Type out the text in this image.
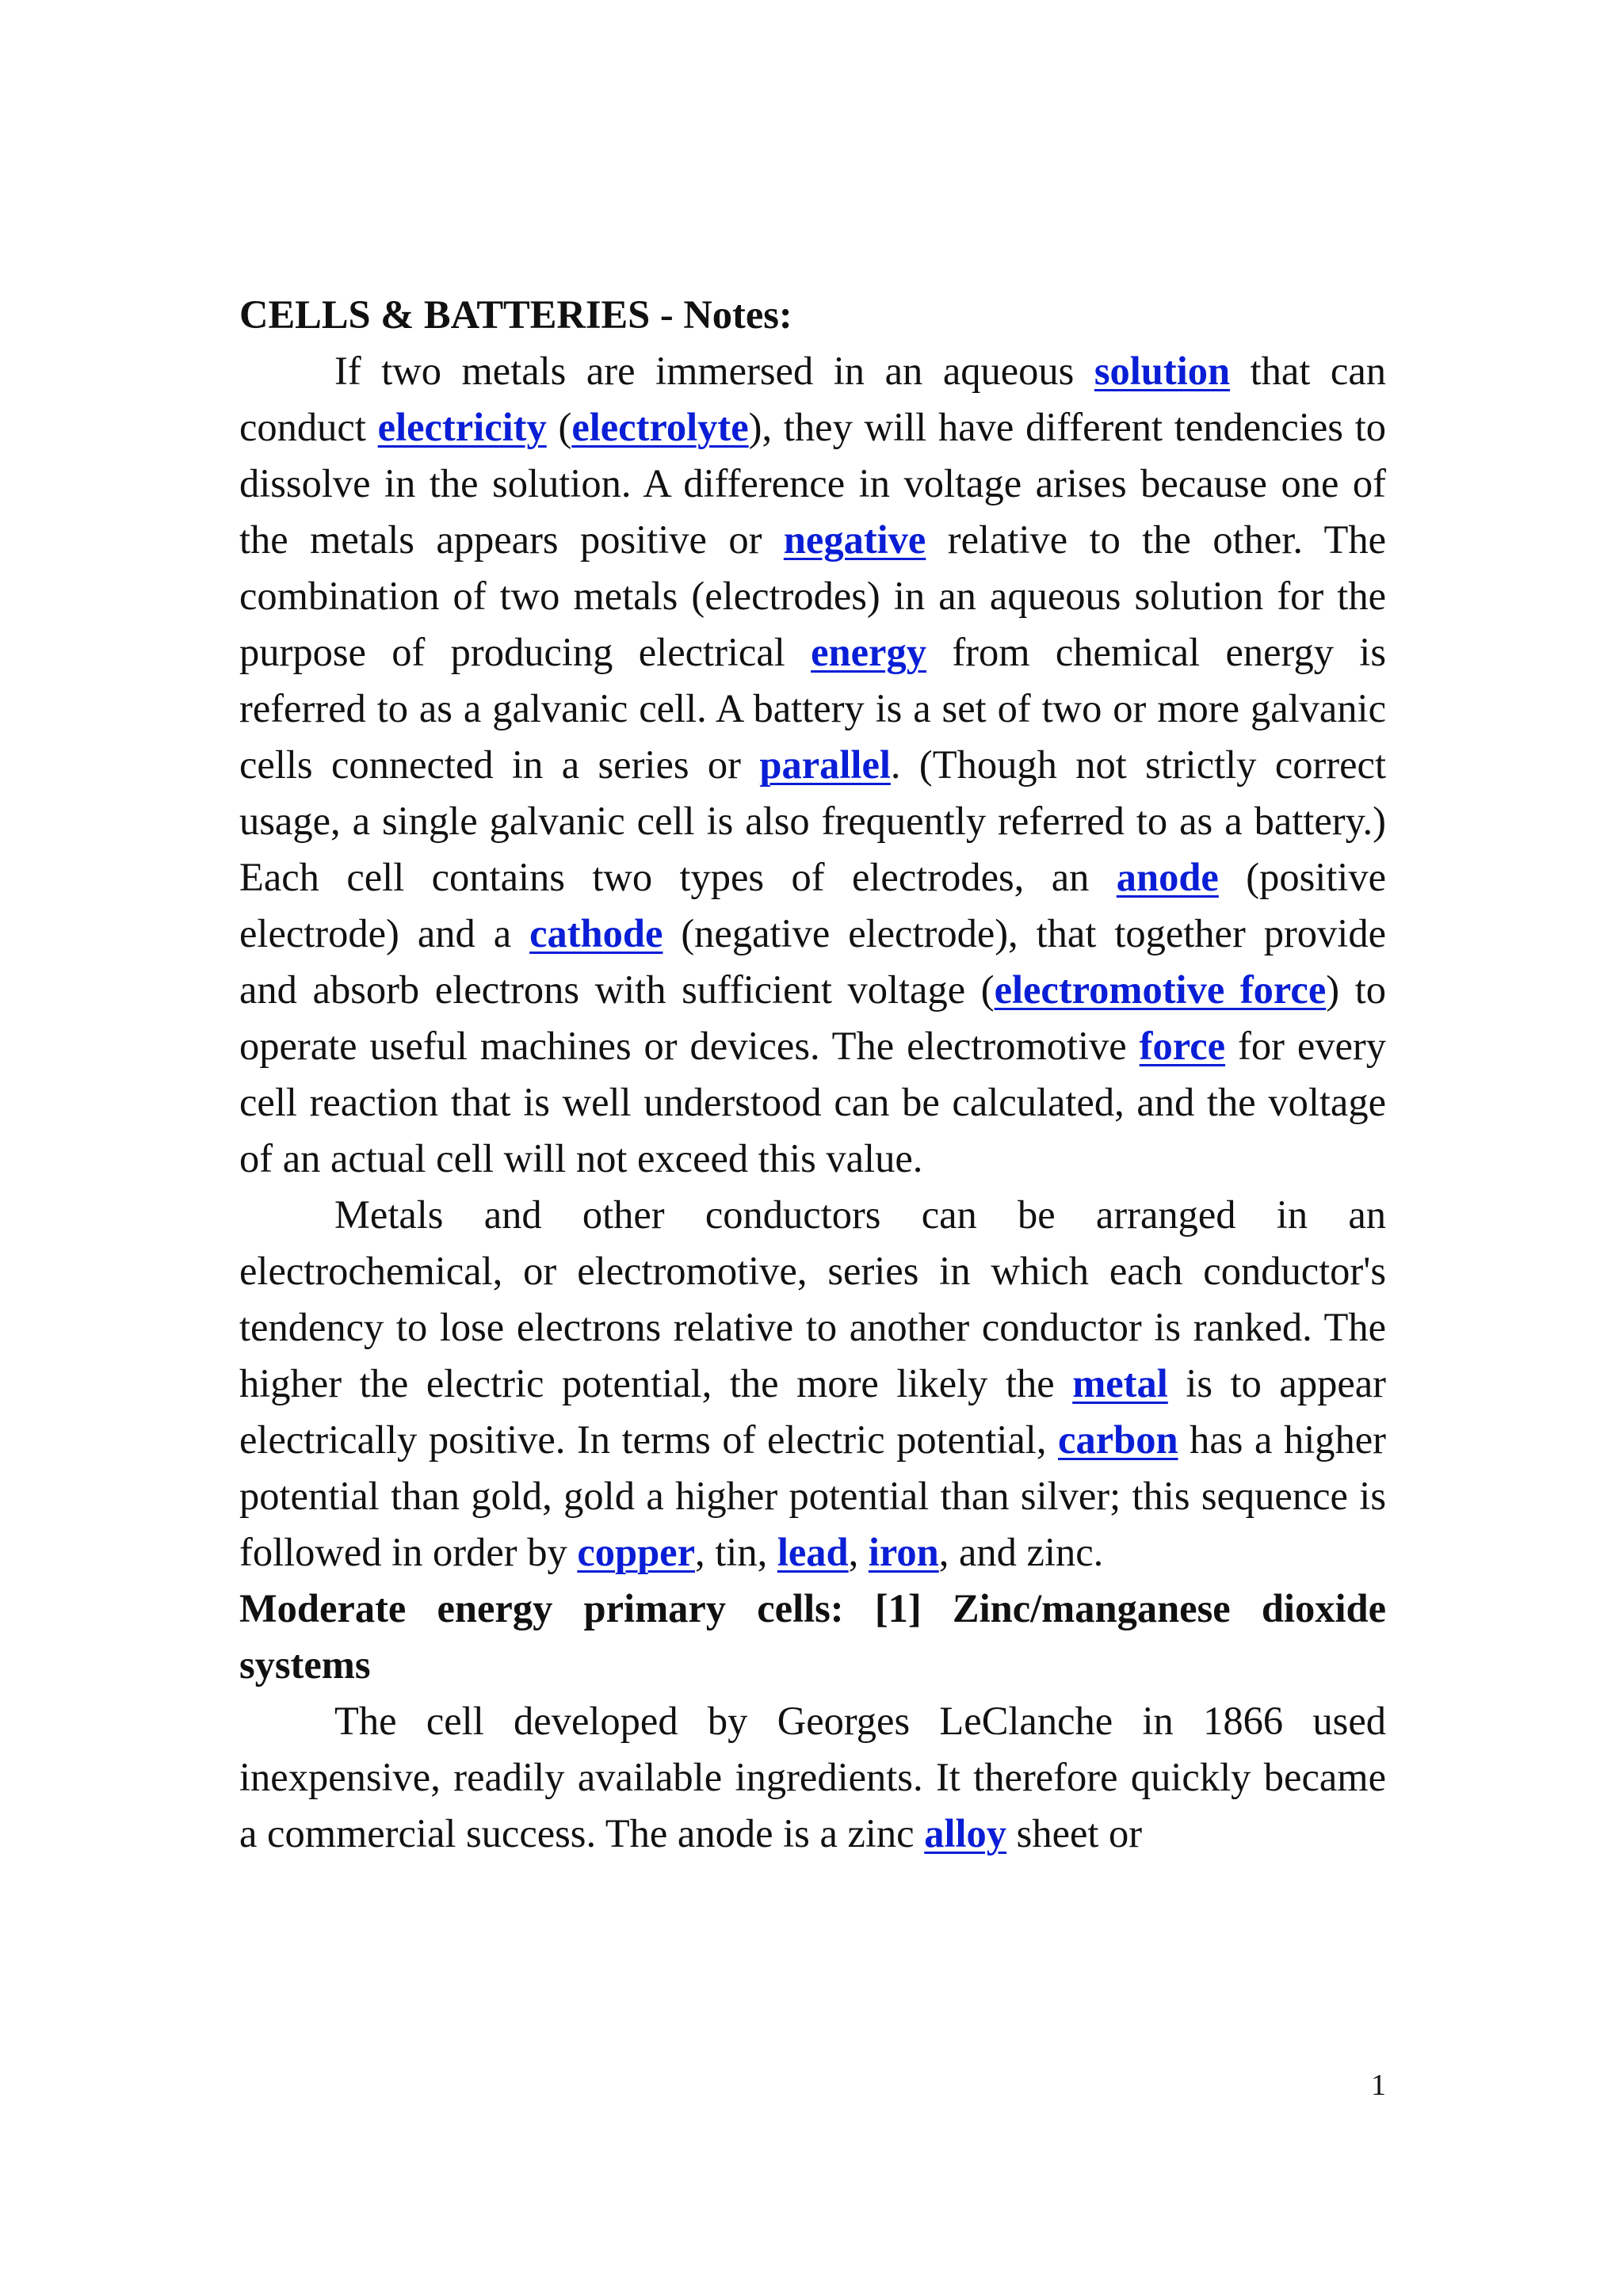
CELLS & BATTERIES - Notes:

If two metals are immersed in an aqueous solution that can conduct electricity (electrolyte), they will have different tendencies to dissolve in the solution. A difference in voltage arises because one of the metals appears positive or negative relative to the other. The combination of two metals (electrodes) in an aqueous solution for the purpose of producing electrical energy from chemical energy is referred to as a galvanic cell. A battery is a set of two or more galvanic cells connected in a series or parallel. (Though not strictly correct usage, a single galvanic cell is also frequently referred to as a battery.) Each cell contains two types of electrodes, an anode (positive electrode) and a cathode (negative electrode), that together provide and absorb electrons with sufficient voltage (electromotive force) to operate useful machines or devices. The electromotive force for every cell reaction that is well understood can be calculated, and the voltage of an actual cell will not exceed this value.

Metals and other conductors can be arranged in an electrochemical, or electromotive, series in which each conductor's tendency to lose electrons relative to another conductor is ranked. The higher the electric potential, the more likely the metal is to appear electrically positive. In terms of electric potential, carbon has a higher potential than gold, gold a higher potential than silver; this sequence is followed in order by copper, tin, lead, iron, and zinc.

Moderate energy primary cells: [1] Zinc/manganese dioxide systems

The cell developed by Georges LeClanche in 1866 used inexpensive, readily available ingredients. It therefore quickly became a commercial success. The anode is a zinc alloy sheet or

1
